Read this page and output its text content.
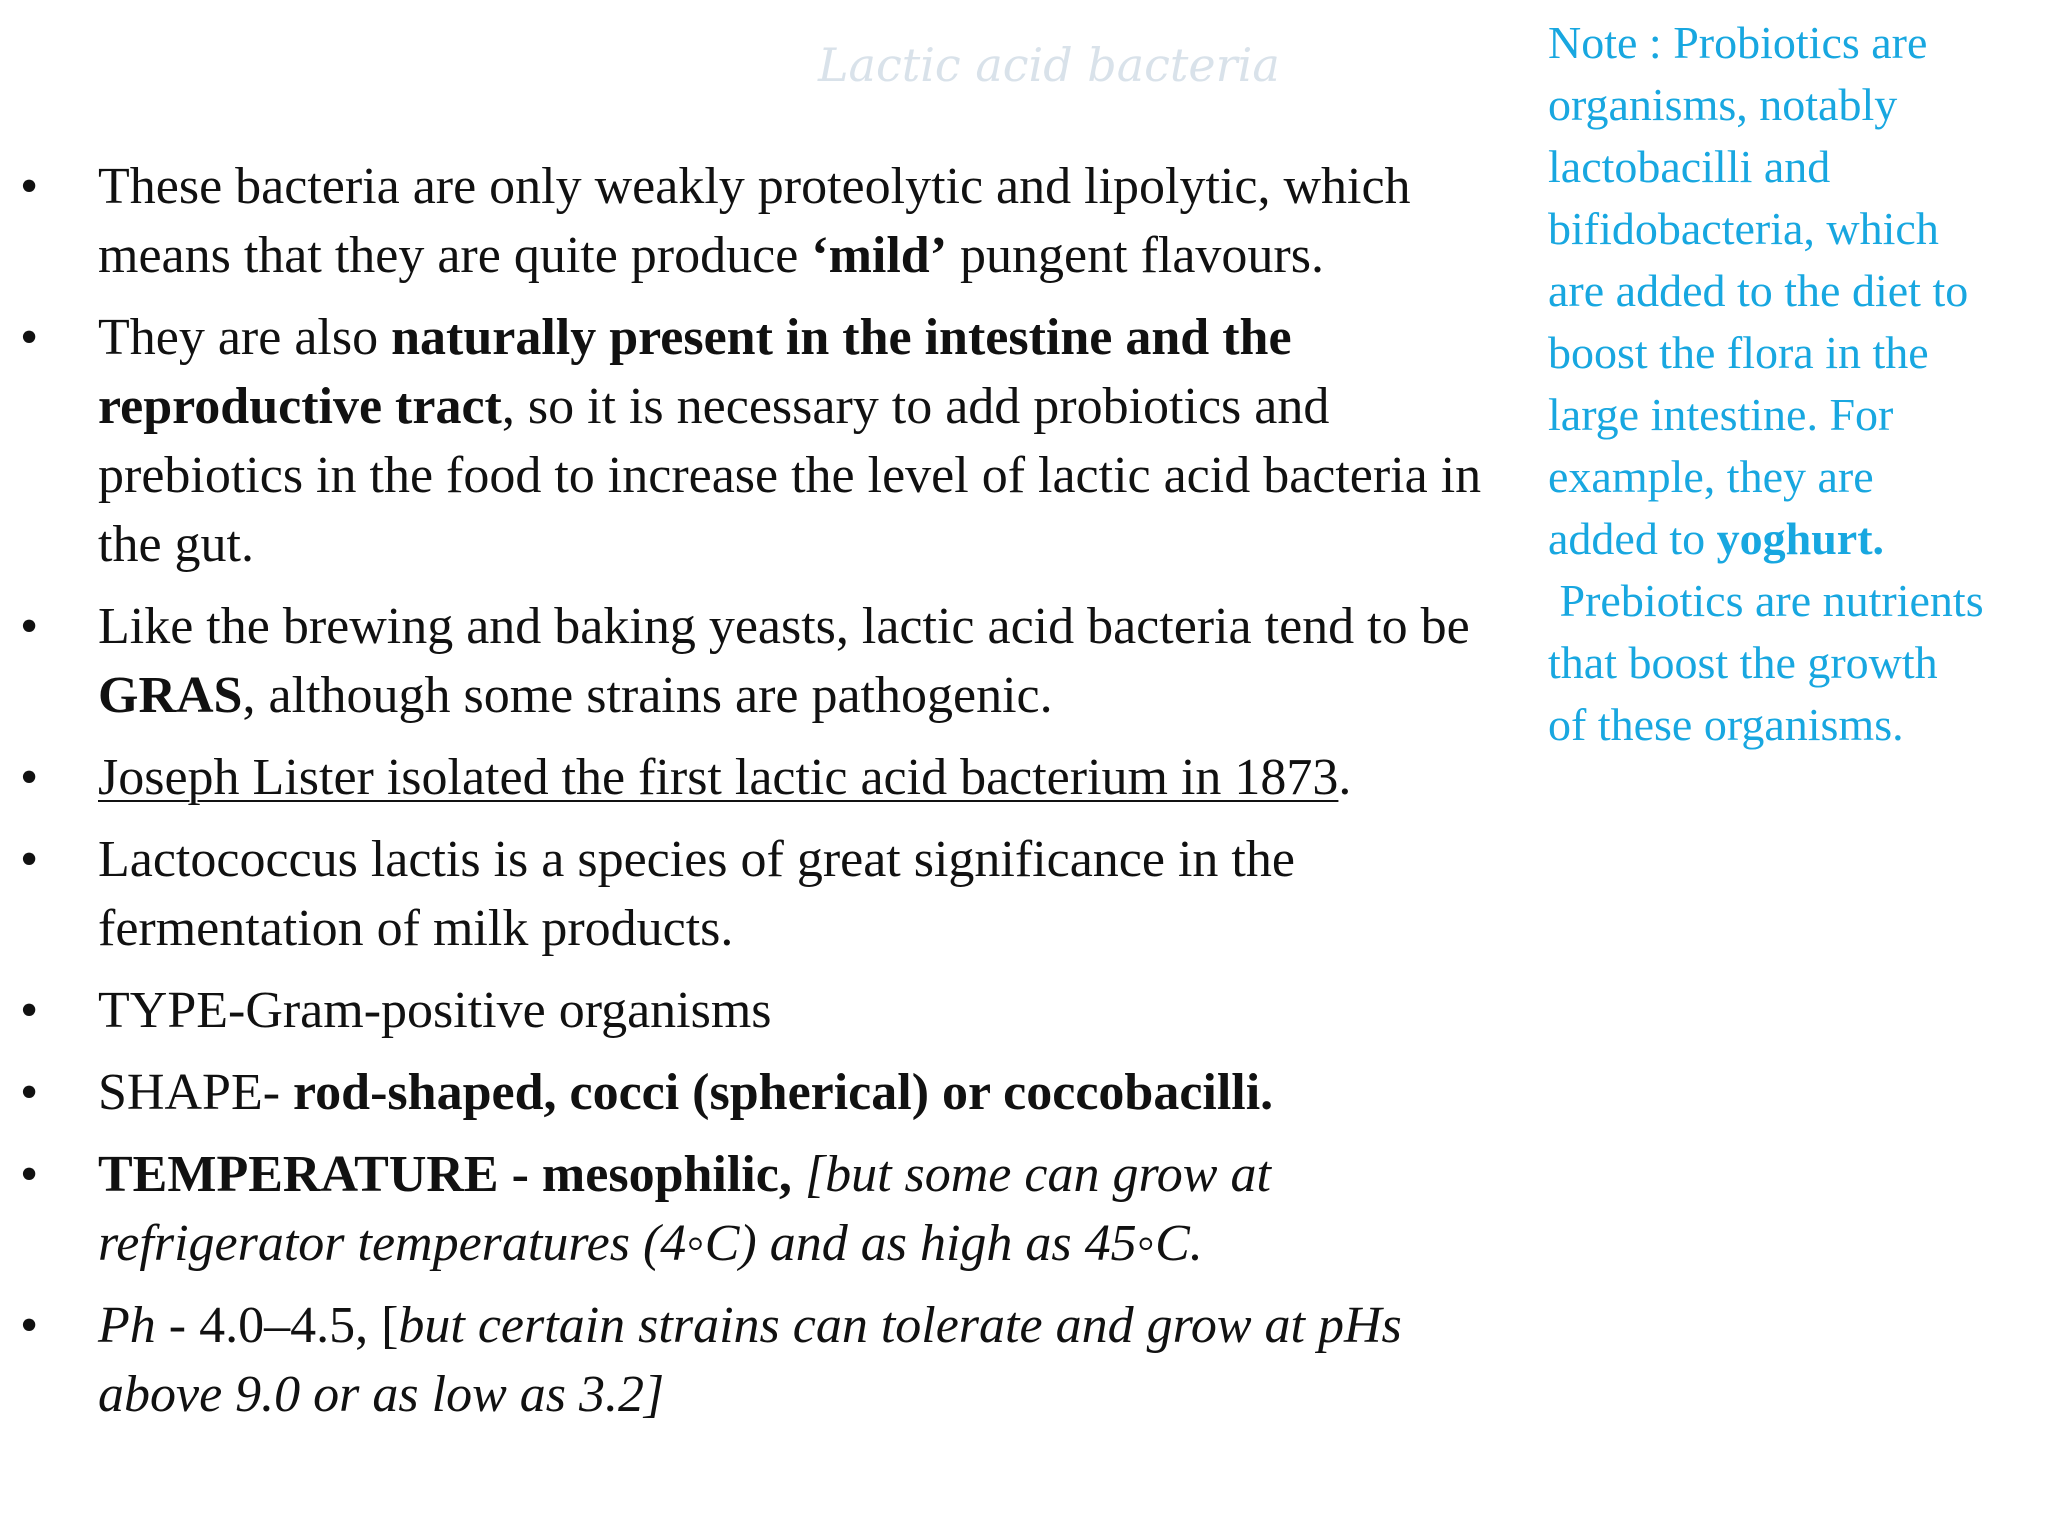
Lactic acid bacteria
• These bacteria are only weakly proteolytic and lipolytic, which means that they are quite produce ‘mild’ pungent flavours.
• They are also naturally present in the intestine and the reproductive tract, so it is necessary to add probiotics and prebiotics in the food to increase the level of lactic acid bacteria in the gut.
• Like the brewing and baking yeasts, lactic acid bacteria tend to be GRAS, although some strains are pathogenic.
• Joseph Lister isolated the first lactic acid bacterium in 1873.
• Lactococcus lactis is a species of great significance in the fermentation of milk products.
• TYPE-Gram-positive organisms
• SHAPE- rod-shaped, cocci (spherical) or coccobacilli.
• TEMPERATURE - mesophilic, [but some can grow at refrigerator temperatures (4◦C) and as high as 45◦C.
• Ph - 4.0–4.5, [but certain strains can tolerate and grow at pHs above 9.0 or as low as 3.2]
Note : Probiotics are
organisms, notably
lactobacilli and
bifidobacteria, which
are added to the diet to
boost the flora in the
large intestine. For
example, they are
added to yoghurt.
Prebiotics are nutrients
that boost the growth
of these organisms.
